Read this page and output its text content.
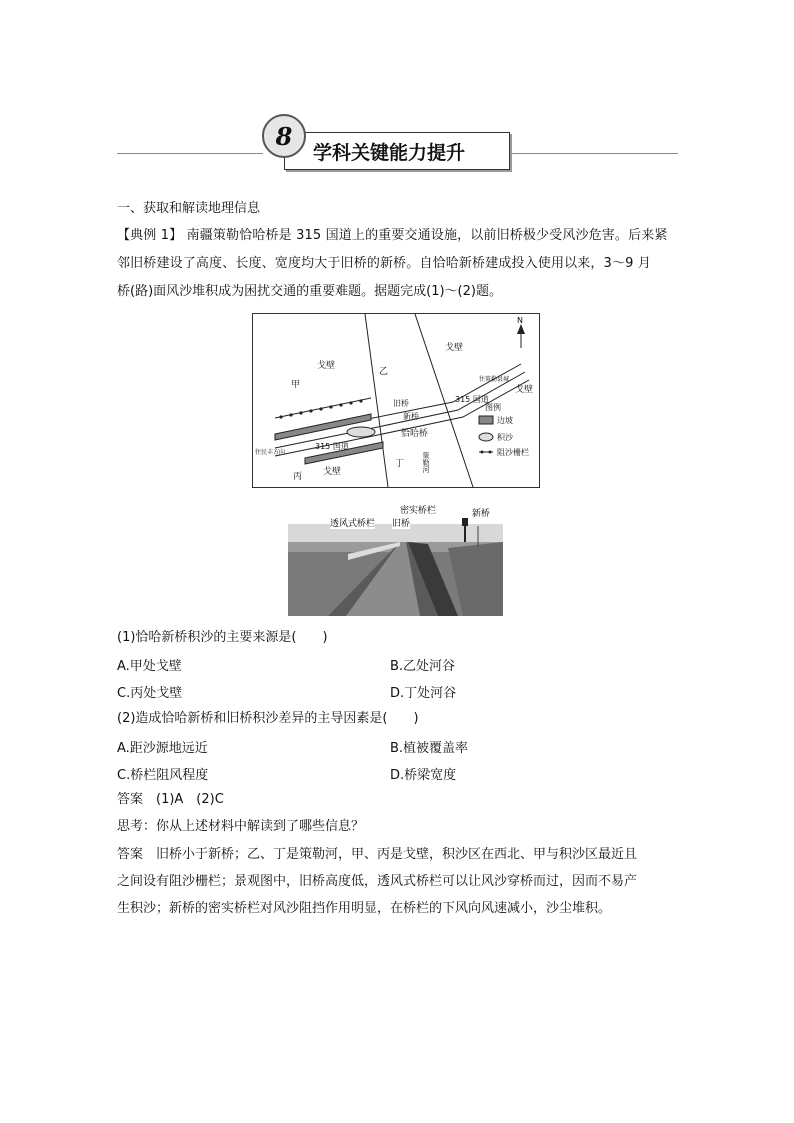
学科关键能力提升
8
一、获取和解读地理信息
【典例 1】 南疆策勒恰哈桥是 315 国道上的重要交通设施，以前旧桥极少受风沙危害。后来紧
邻旧桥建设了高度、长度、宽度均大于旧桥的新桥。自恰哈新桥建成投入使用以来，3～9 月
桥(路)面风沙堆积成为困扰交通的重要难题。据题完成(1)～(2)题。
戈壁
甲
乙
戈壁
戈壁
旧桥
新桥
315 国道
往策勒县城
恰哈桥
往民丰方向
315 国道
戈壁
丙
丁	策勒河
N
图例
边坡
积沙
阻沙栅栏
透风式桥栏 旧桥
密实桥栏	新桥
(1)恰哈新桥积沙的主要来源是(　　)
A.甲处戈壁	B.乙处河谷
C.丙处戈壁	D.丁处河谷
(2)造成恰哈新桥和旧桥积沙差异的主导因素是(　　)
A.距沙源地远近	B.植被覆盖率
C.桥栏阻风程度	D.桥梁宽度
答案　(1)A　(2)C
思考：你从上述材料中解读到了哪些信息？
答案　旧桥小于新桥；乙、丁是策勒河，甲、丙是戈壁，积沙区在西北、甲与积沙区最近且
之间设有阻沙栅栏；景观图中，旧桥高度低，透风式桥栏可以让风沙穿桥而过，因而不易产
生积沙；新桥的密实桥栏对风沙阻挡作用明显，在桥栏的下风向风速减小，沙尘堆积。
